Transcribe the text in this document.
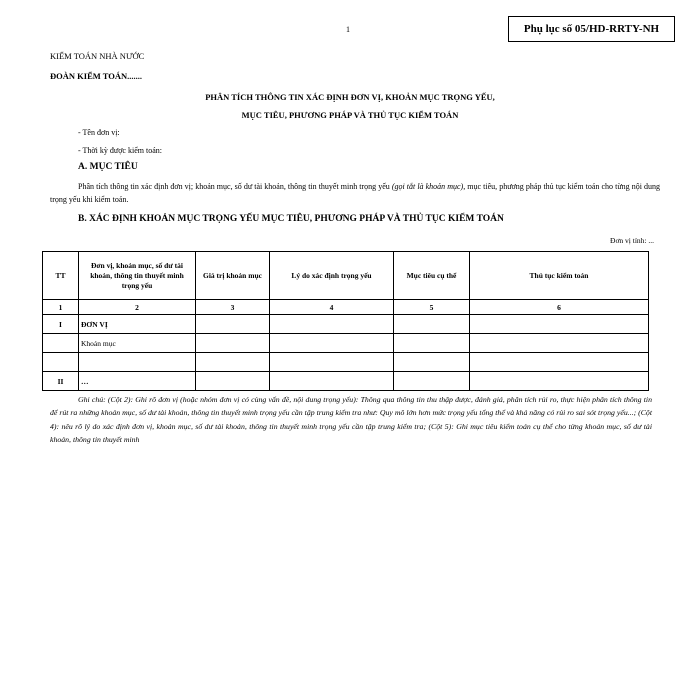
1	Phụ lục số 05/HD-RRTY-NH
KIỂM TOÁN NHÀ NƯỚC
ĐOÀN KIỂM TOÁN.......
PHÂN TÍCH THÔNG TIN XÁC ĐỊNH ĐƠN VỊ, KHOẢN MỤC TRỌNG YẾU,
MỤC TIÊU, PHƯƠNG PHÁP VÀ THỦ TỤC KIỂM TOÁN
- Tên đơn vị:
- Thời kỳ được kiểm toán:
A. MỤC TIÊU
Phân tích thông tin xác định đơn vị; khoản mục, số dư tài khoản, thông tin thuyết minh trọng yếu (gọi tắt là khoản mục), mục tiêu, phương pháp thủ tục kiểm toán cho từng nội dung trọng yếu khi kiểm toán.
B. XÁC ĐỊNH KHOẢN MỤC TRỌNG YẾU MỤC TIÊU, PHƯƠNG PHÁP VÀ THỦ TỤC KIỂM TOÁN
Đơn vị tính: ...
TT	Đơn vị, khoản mục, số dư tài khoản, thông tin thuyết minh trọng yếu	Giá trị khoản mục	Lý do xác định trọng yếu	Mục tiêu cụ thể	Thủ tục kiểm toán
1	2	3	4	5	6
I	ĐƠN VỊ				
	Khoản mục				

II	…				
Ghi chú: (Cột 2): Ghi rõ đơn vị (hoặc nhóm đơn vị có cùng vấn đề, nội dung trọng yếu): Thông qua thông tin thu thập được, đánh giá, phân tích rủi ro, thực hiện phân tích thông tin để rút ra những khoản mục, số dư tài khoản, thông tin thuyết minh trọng yếu cần tập trung kiểm tra như: Quy mô lớn hơn mức trọng yếu tổng thể và khả năng có rủi ro sai sót trọng yếu...; (Cột 4): nêu rõ lý do xác định đơn vị, khoản mục, số dư tài khoản, thông tin thuyết minh trọng yếu cần tập trung kiểm tra; (Cột 5): Ghi mục tiêu kiểm toán cụ thể cho từng khoản mục, số dư tài khoản, thông tin thuyết minh
